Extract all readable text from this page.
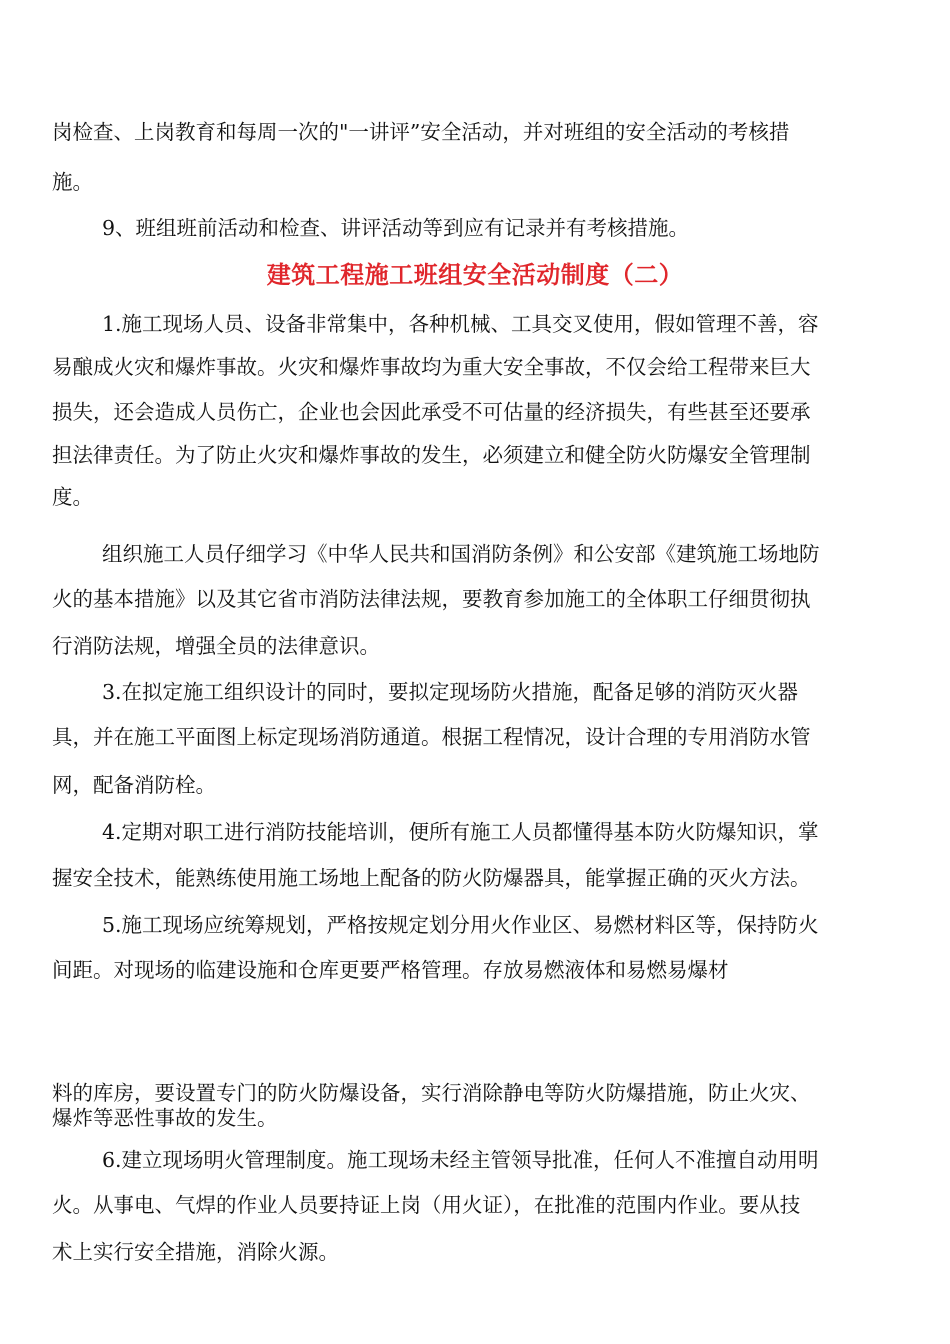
岗检查、上岗教育和每周一次的"一讲评”安全活动，并对班组的安全活动的考核措

施。

9、班组班前活动和检查、讲评活动等到应有记录并有考核措施。

建筑工程施工班组安全活动制度（二）

1.施工现场人员、设备非常集中，各种机械、工具交叉使用，假如管理不善，容

易酿成火灾和爆炸事故。火灾和爆炸事故均为重大安全事故，不仅会给工程带来巨大

损失，还会造成人员伤亡，企业也会因此承受不可估量的经济损失，有些甚至还要承

担法律责任。为了防止火灾和爆炸事故的发生，必须建立和健全防火防爆安全管理制

度。

组织施工人员仔细学习《中华人民共和国消防条例》和公安部《建筑施工场地防

火的基本措施》以及其它省市消防法律法规，要教育参加施工的全体职工仔细贯彻执

行消防法规，增强全员的法律意识。

3.在拟定施工组织设计的同时，要拟定现场防火措施，配备足够的消防灭火器

具，并在施工平面图上标定现场消防通道。根据工程情况，设计合理的专用消防水管

网，配备消防栓。

4.定期对职工进行消防技能培训，便所有施工人员都懂得基本防火防爆知识，掌

握安全技术，能熟练使用施工场地上配备的防火防爆器具，能掌握正确的灭火方法。

5.施工现场应统筹规划，严格按规定划分用火作业区、易燃材料区等，保持防火

间距。对现场的临建设施和仓库更要严格管理。存放易燃液体和易燃易爆材

料的库房，要设置专门的防火防爆设备，实行消除静电等防火防爆措施，防止火灾、

爆炸等恶性事故的发生。

6.建立现场明火管理制度。施工现场未经主管领导批准，任何人不准擅自动用明

火。从事电、气焊的作业人员要持证上岗（用火证），在批准的范围内作业。要从技

术上实行安全措施，消除火源。
